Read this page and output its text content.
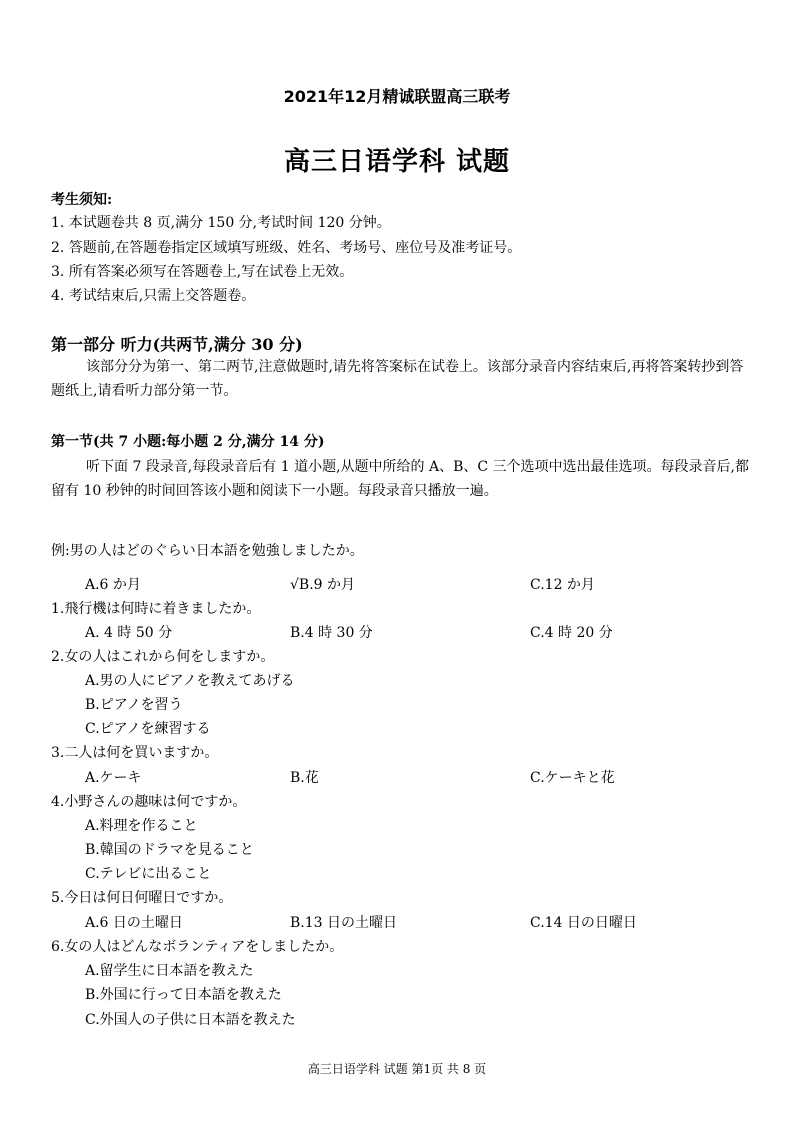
2021年12月精诚联盟高三联考
高三日语学科 试题
考生须知:
1. 本试题卷共 8 页,满分 150 分,考试时间 120 分钟。
2. 答题前,在答题卷指定区域填写班级、姓名、考场号、座位号及准考证号。
3. 所有答案必须写在答题卷上,写在试卷上无效。
4. 考试结束后,只需上交答题卷。
第一部分 听力(共两节,满分 30 分)
该部分分为第一、第二两节,注意做题时,请先将答案标在试卷上。该部分录音内容结束后,再将答案转抄到答题纸上,请看听力部分第一节。
第一节(共 7 小题:每小题 2 分,满分 14 分)
听下面 7 段录音,每段录音后有 1 道小题,从题中所给的 A、B、C 三个选项中选出最佳选项。每段录音后,都留有 10 秒钟的时间回答该小题和阅读下一小题。每段录音只播放一遍。
例:男の人はどのぐらい日本語を勉強しましたか。
A.6 か月	√B.9 か月	C.12 か月
1.飛行機は何時に着きましたか。
A. 4 時 50 分	B.4 時 30 分	C.4 時 20 分
2.女の人はこれから何をしますか。
A.男の人にピアノを教えてあげる
B.ピアノを習う
C.ピアノを練習する
3.二人は何を買いますか。
A.ケーキ	B.花	C.ケーキと花
4.小野さんの趣味は何ですか。
A.料理を作ること
B.韓国のドラマを見ること
C.テレビに出ること
5.今日は何日何曜日ですか。
A.6 日の土曜日	B.13 日の土曜日	C.14 日の日曜日
6.女の人はどんなボランティアをしましたか。
A.留学生に日本語を教えた
B.外国に行って日本語を教えた
C.外国人の子供に日本語を教えた
高三日语学科 试题 第1页 共 8 页
